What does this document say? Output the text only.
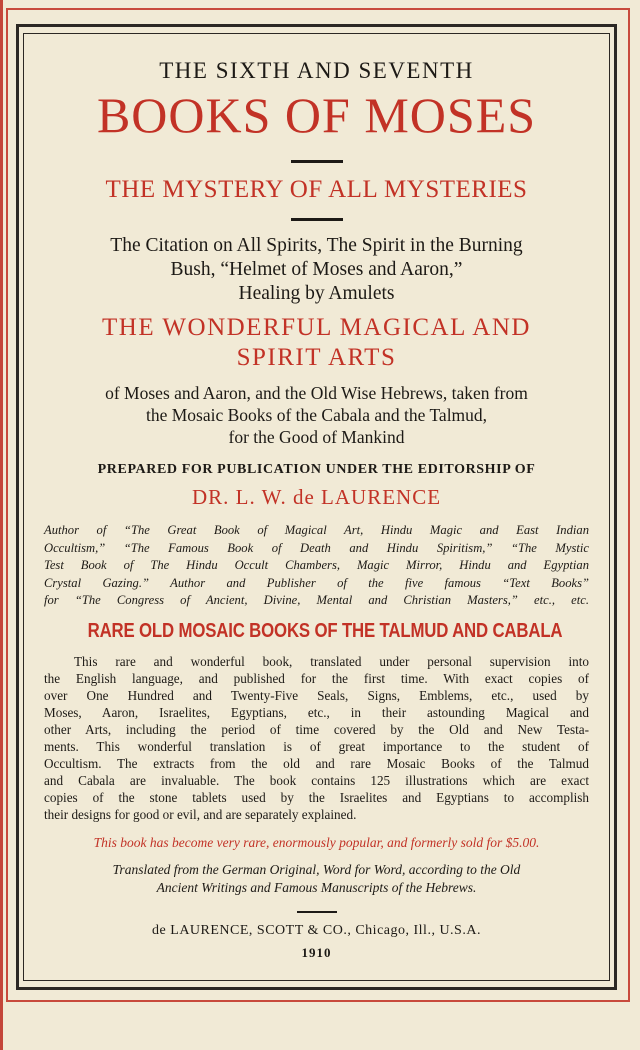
THE SIXTH AND SEVENTH
BOOKS OF MOSES
THE MYSTERY OF ALL MYSTERIES
The Citation on All Spirits, The Spirit in the Burning
Bush, “Helmet of Moses and Aaron,”
Healing by Amulets
THE WONDERFUL MAGICAL AND
SPIRIT ARTS
of Moses and Aaron, and the Old Wise Hebrews, taken from
the Mosaic Books of the Cabala and the Talmud,
for the Good of Mankind
PREPARED FOR PUBLICATION UNDER THE EDITORSHIP OF
DR. L. W. de LAURENCE
Author of “The Great Book of Magical Art, Hindu Magic and East Indian
Occultism,” “The Famous Book of Death and Hindu Spiritism,” “The Mystic
Test Book of The Hindu Occult Chambers, Magic Mirror, Hindu and Egyptian
Crystal Gazing.” Author and Publisher of the five famous “Text Books”
for “The Congress of Ancient, Divine, Mental and Christian Masters,” etc., etc.
RARE OLD MOSAIC BOOKS OF THE TALMUD AND CABALA
This rare and wonderful book, translated under personal supervision into
the English language, and published for the first time. With exact copies of
over One Hundred and Twenty-Five Seals, Signs, Emblems, etc., used by
Moses, Aaron, Israelites, Egyptians, etc., in their astounding Magical and
other Arts, including the period of time covered by the Old and New Testa-
ments. This wonderful translation is of great importance to the student of
Occultism. The extracts from the old and rare Mosaic Books of the Talmud
and Cabala are invaluable. The book contains 125 illustrations which are exact
copies of the stone tablets used by the Israelites and Egyptians to accomplish
their designs for good or evil, and are separately explained.
This book has become very rare, enormously popular, and formerly sold for $5.00.
Translated from the German Original, Word for Word, according to the Old
Ancient Writings and Famous Manuscripts of the Hebrews.
de LAURENCE, SCOTT & CO., Chicago, Ill., U.S.A.
1910
